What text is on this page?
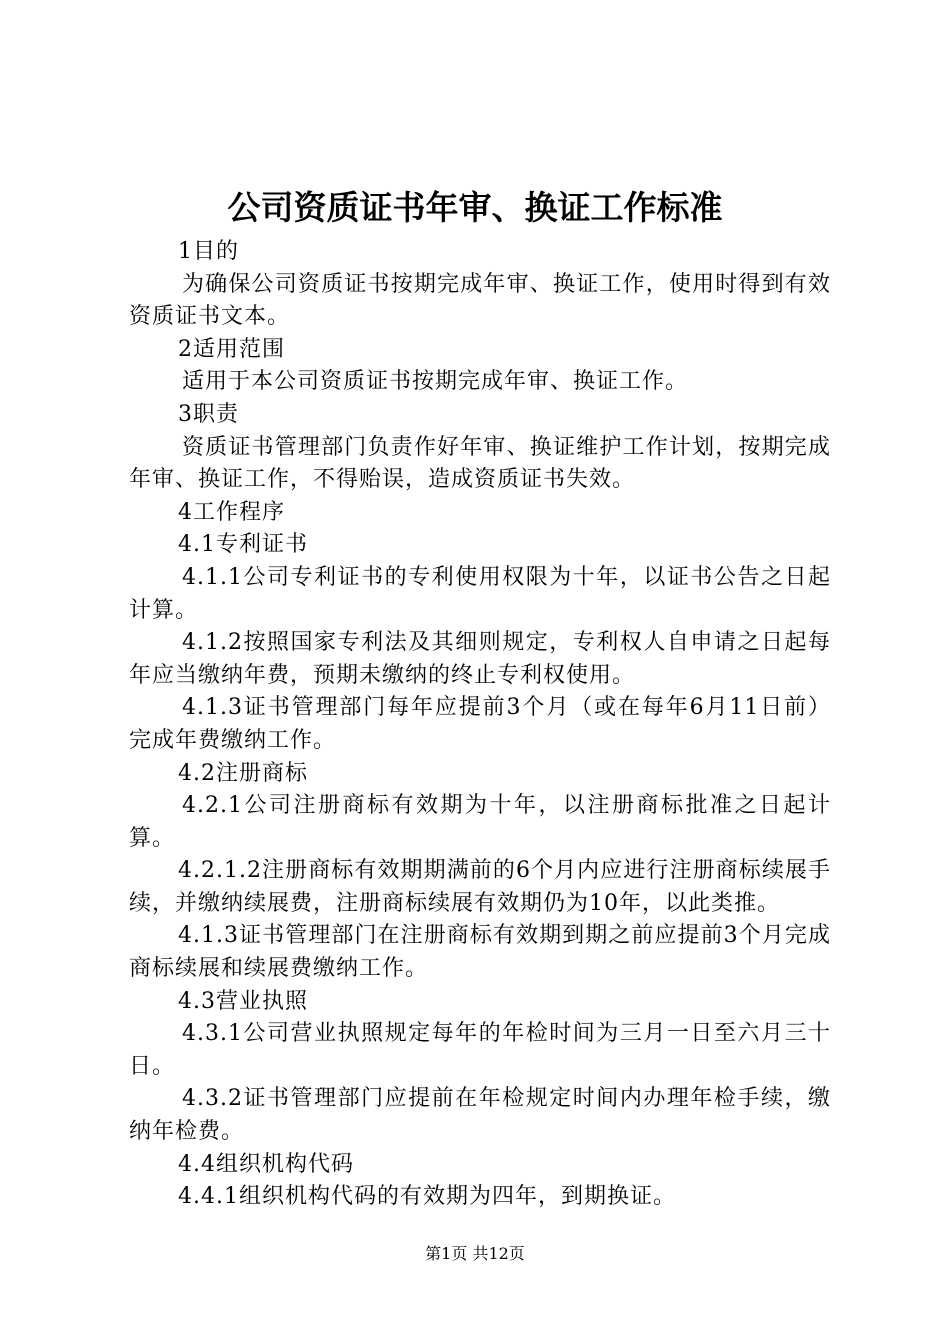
公司资质证书年审、换证工作标准

1目的

为确保公司资质证书按期完成年审、换证工作，使用时得到有效资质证书文本。

2适用范围

适用于本公司资质证书按期完成年审、换证工作。

3职责

资质证书管理部门负责作好年审、换证维护工作计划，按期完成年审、换证工作，不得贻误，造成资质证书失效。

4工作程序

4.1专利证书

4.1.1公司专利证书的专利使用权限为十年，以证书公告之日起计算。

4.1.2按照国家专利法及其细则规定，专利权人自申请之日起每年应当缴纳年费，预期未缴纳的终止专利权使用。

4.1.3证书管理部门每年应提前3个月（或在每年6月11日前）完成年费缴纳工作。

4.2注册商标

4.2.1公司注册商标有效期为十年，以注册商标批准之日起计算。

4.2.1.2注册商标有效期期满前的6个月内应进行注册商标续展手续，并缴纳续展费，注册商标续展有效期仍为10年，以此类推。

4.1.3证书管理部门在注册商标有效期到期之前应提前3个月完成商标续展和续展费缴纳工作。

4.3营业执照

4.3.1公司营业执照规定每年的年检时间为三月一日至六月三十日。

4.3.2证书管理部门应提前在年检规定时间内办理年检手续，缴纳年检费。

4.4组织机构代码

4.4.1组织机构代码的有效期为四年，到期换证。

第1页 共12页
